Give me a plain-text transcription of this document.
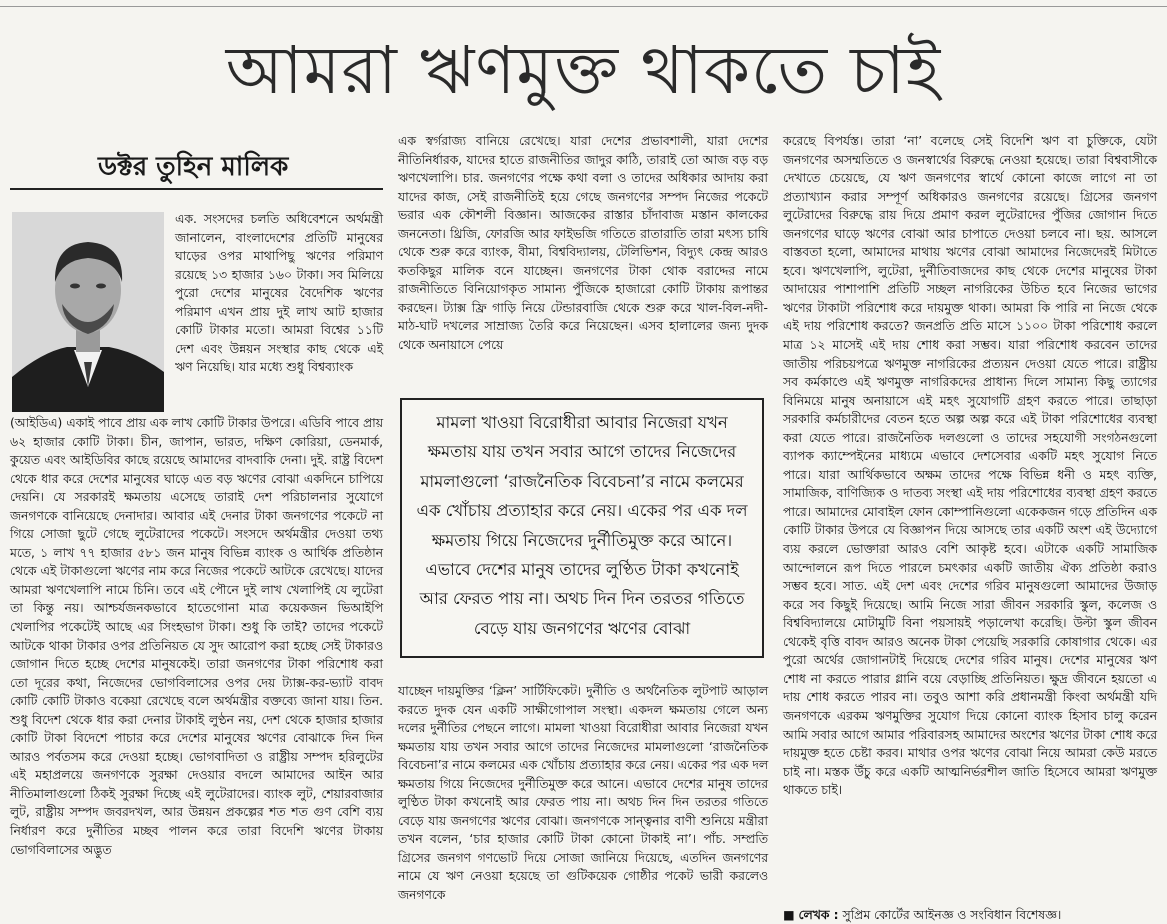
আমরা ঋণমুক্ত থাকতে চাই
ডক্টর তুহিন মালিক

এক. সংসদের চলতি অধিবেশনে অর্থমন্ত্রী জানালেন, বাংলাদেশের প্রতিটি মানুষের ঘাড়ের ওপর মাথাপিছু ঋণের পরিমাণ রয়েছে ১৩ হাজার ১৬০ টাকা। সব মিলিয়ে পুরো দেশের মানুষের বৈদেশিক ঋণের পরিমাণ এখন প্রায় দুই লাখ আট হাজার কোটি টাকার মতো। আমরা বিশ্বের ১১টি দেশ এবং উন্নয়ন সংস্থার কাছ থেকে এই ঋণ নিয়েছি। যার মধ্যে শুধু বিশ্বব্যাংক

(আইডিএ) একাই পাবে প্রায় এক লাখ কোটি টাকার উপরে। এডিবি পাবে প্রায় ৬২ হাজার কোটি টাকা। চীন, জাপান, ভারত, দক্ষিণ কোরিয়া, ডেনমার্ক, কুয়েত এবং আইডিবির কাছে রয়েছে আমাদের বাদবাকি দেনা। দুই. রাষ্ট্র বিদেশ থেকে ধার করে দেশের মানুষের ঘাড়ে এত বড় ঋণের বোঝা একদিনে চাপিয়ে দেয়নি। যে সরকারই ক্ষমতায় এসেছে তারাই দেশ পরিচালনার সুযোগে জনগণকে বানিয়েছে দেনাদার। আবার এই দেনার টাকা জনগণের পকেটে না গিয়ে সোজা ছুটে গেছে লুটেরাদের পকেটে। সংসদে অর্থমন্ত্রীর দেওয়া তথ্য মতে, ১ লাখ ৭৭ হাজার ৫৮১ জন মানুষ বিভিন্ন ব্যাংক ও আর্থিক প্রতিষ্ঠান থেকে এই টাকাগুলো ঋণের নাম করে নিজের পকেটে আটকে রেখেছে। যাদের আমরা ঋণখেলাপি নামে চিনি। তবে এই পৌনে দুই লাখ খেলাপিই যে লুটেরা তা কিন্তু নয়। আশ্চর্যজনকভাবে হাতেগোনা মাত্র কয়েকজন ভিআইপি খেলাপির পকেটেই আছে এর সিংহভাগ টাকা। শুধু কি তাই? তাদের পকেটে আটকে থাকা টাকার ওপর প্রতিনিয়ত যে সুদ আরোপ করা হচ্ছে সেই টাকারও জোগান দিতে হচ্ছে দেশের মানুষকেই। তারা জনগণের টাকা পরিশোধ করা তো দূরের কথা, নিজেদের ভোগবিলাসের ওপর দেয় ট্যাক্স-কর-ভ্যাট বাবদ কোটি কোটি টাকাও বকেয়া রেখেছে বলে অর্থমন্ত্রীর বক্তব্যে জানা যায়। তিন. শুধু বিদেশ থেকে ধার করা দেনার টাকাই লুণ্ঠন নয়, দেশ থেকে হাজার হাজার কোটি টাকা বিদেশে পাচার করে দেশের মানুষের ঋণের বোঝাকে দিন দিন আরও পর্বতসম করে দেওয়া হচ্ছে। ভোগবাদিতা ও রাষ্ট্রীয় সম্পদ হরিলুটের এই মহাপ্রলয়ে জনগণকে সুরক্ষা দেওয়ার বদলে আমাদের আইন আর নীতিমালাগুলো ঠিকই সুরক্ষা দিচ্ছে এই লুটেরাদের। ব্যাংক লুট, শেয়ারবাজার লুট, রাষ্ট্রীয় সম্পদ জবরদখল, আর উন্নয়ন প্রকল্পের শত শত গুণ বেশি ব্যয় নির্ধারণ করে দুর্নীতির মচ্ছব পালন করে তারা বিদেশি ঋণের টাকায় ভোগবিলাসের অদ্ভুত

এক স্বর্গরাজ্য বানিয়ে রেখেছে। যারা দেশের প্রভাবশালী, যারা দেশের নীতিনির্ধারক, যাদের হাতে রাজনীতির জাদুর কাঠি, তারাই তো আজ বড় বড় ঋণখেলাপি। চার. জনগণের পক্ষে কথা বলা ও তাদের অধিকার আদায় করা যাদের কাজ, সেই রাজনীতিই হয়ে গেছে জনগণের সম্পদ নিজের পকেটে ভরার এক কৌশলী বিজ্ঞান। আজকের রাস্তার চাঁদাবাজ মস্তান কালকের জননেতা। থ্রিজি, ফোরজি আর ফাইভজি গতিতে রাতারাতি তারা মৎস্য চাষি থেকে শুরু করে ব্যাংক, বীমা, বিশ্ববিদ্যালয়, টেলিভিশন, বিদ্যুৎ কেন্দ্র আরও কতকিছুর মালিক বনে যাচ্ছেন। জনগণের টাকা থোক বরাদ্দের নামে রাজনীতিতে বিনিয়োগকৃত সামান্য পুঁজিকে হাজারো কোটি টাকায় রূপান্তর করছেন। ট্যাক্স ফ্রি গাড়ি নিয়ে টেন্ডারবাজি থেকে শুরু করে খাল-বিল-নদী-মাঠ-ঘাট দখলের সাম্রাজ্য তৈরি করে নিয়েছেন। এসব হালালের জন্য দুদক থেকে অনায়াসে পেয়ে

মামলা খাওয়া বিরোধীরা আবার নিজেরা যখন ক্ষমতায় যায় তখন সবার আগে তাদের নিজেদের মামলাগুলো ‘রাজনৈতিক বিবেচনা’র নামে কলমের এক খোঁচায় প্রত্যাহার করে নেয়। একের পর এক দল ক্ষমতায় গিয়ে নিজেদের দুর্নীতিমুক্ত করে আনে। এভাবে দেশের মানুষ তাদের লুণ্ঠিত টাকা কখনোই আর ফেরত পায় না। অথচ দিন দিন তরতর গতিতে বেড়ে যায় জনগণের ঋণের বোঝা

যাচ্ছেন দায়মুক্তির ‘ক্লিন’ সার্টিফিকেট। দুর্নীতি ও অর্থনৈতিক লুটপাট আড়াল করতে দুদক যেন একটি সাক্ষীগোপাল সংস্থা। একদল ক্ষমতায় গেলে অন্য দলের দুর্নীতির পেছনে লাগে। মামলা খাওয়া বিরোধীরা আবার নিজেরা যখন ক্ষমতায় যায় তখন সবার আগে তাদের নিজেদের মামলাগুলো ‘রাজনৈতিক বিবেচনা’র নামে কলমের এক খোঁচায় প্রত্যাহার করে নেয়। একের পর এক দল ক্ষমতায় গিয়ে নিজেদের দুর্নীতিমুক্ত করে আনে। এভাবে দেশের মানুষ তাদের লুণ্ঠিত টাকা কখনোই আর ফেরত পায় না। অথচ দিন দিন তরতর গতিতে বেড়ে যায় জনগণের ঋণের বোঝা। জনগণকে সান্ত্বনার বাণী শুনিয়ে মন্ত্রীরা তখন বলেন, ‘চার হাজার কোটি টাকা কোনো টাকাই না’। পাঁচ. সম্প্রতি গ্রিসের জনগণ গণভোট দিয়ে সোজা জানিয়ে দিয়েছে, এতদিন জনগণের নামে যে ঋণ নেওয়া হয়েছে তা গুটিকয়েক গোষ্ঠীর পকেট ভারী করলেও জনগণকে

করেছে বিপর্যস্ত। তারা ‘না’ বলেছে সেই বিদেশি ঋণ বা চুক্তিকে, যেটা জনগণের অসম্মতিতে ও জনস্বার্থের বিরুদ্ধে নেওয়া হয়েছে। তারা বিশ্ববাসীকে দেখাতে চেয়েছে, যে ঋণ জনগণের স্বার্থে কোনো কাজে লাগে না তা প্রত্যাখ্যান করার সম্পূর্ণ অধিকারও জনগণের রয়েছে। গ্রিসের জনগণ লুটেরাদের বিরুদ্ধে রায় দিয়ে প্রমাণ করল লুটেরাদের পুঁজির জোগান দিতে জনগণের ঘাড়ে ঋণের বোঝা আর চাপাতে দেওয়া চলবে না। ছয়. আসলে বাস্তবতা হলো, আমাদের মাথায় ঋণের বোঝা আমাদের নিজেদেরই মিটাতে হবে। ঋণখেলাপি, লুটেরা, দুর্নীতিবাজদের কাছ থেকে দেশের মানুষের টাকা আদায়ের পাশাপাশি প্রতিটি সচ্ছল নাগরিকের উচিত হবে নিজের ভাগের ঋণের টাকাটা পরিশোধ করে দায়মুক্ত থাকা। আমরা কি পারি না নিজে থেকে এই দায় পরিশোধ করতে? জনপ্রতি প্রতি মাসে ১১০০ টাকা পরিশোধ করলে মাত্র ১২ মাসেই এই দায় শোধ করা সম্ভব। যারা পরিশোধ করবেন তাদের জাতীয় পরিচয়পত্রে ঋণমুক্ত নাগরিকের প্রত্যয়ন দেওয়া যেতে পারে। রাষ্ট্রীয় সব কর্মকাণ্ডে এই ঋণমুক্ত নাগরিকদের প্রাধান্য দিলে সামান্য কিছু ত্যাগের বিনিময়ে মানুষ অনায়াসে এই মহৎ সুযোগটি গ্রহণ করতে পারে। তাছাড়া সরকারি কর্মচারীদের বেতন হতে অল্প অল্প করে এই টাকা পরিশোধের ব্যবস্থা করা যেতে পারে। রাজনৈতিক দলগুলো ও তাদের সহযোগী সংগঠনগুলো ব্যাপক ক্যাম্পেইনের মাধ্যমে এভাবে দেশসেবার একটি মহৎ সুযোগ নিতে পারে। যারা আর্থিকভাবে অক্ষম তাদের পক্ষে বিভিন্ন ধনী ও মহৎ ব্যক্তি, সামাজিক, বাণিজ্যিক ও দাতব্য সংস্থা এই দায় পরিশোধের ব্যবস্থা গ্রহণ করতে পারে। আমাদের মোবাইল ফোন কোম্পানিগুলো একেকজন গড়ে প্রতিদিন এক কোটি টাকার উপরে যে বিজ্ঞাপন দিয়ে আসছে তার একটি অংশ এই উদ্যোগে ব্যয় করলে ভোক্তারা আরও বেশি আকৃষ্ট হবে। এটাকে একটি সামাজিক আন্দোলনে রূপ দিতে পারলে চমৎকার একটি জাতীয় ঐক্য প্রতিষ্ঠা করাও সম্ভব হবে। সাত. এই দেশ এবং দেশের গরিব মানুষগুলো আমাদের উজাড় করে সব কিছুই দিয়েছে। আমি নিজে সারা জীবন সরকারি স্কুল, কলেজ ও বিশ্ববিদ্যালয়ে মোটামুটি বিনা পয়সায়ই পড়ালেখা করেছি। উল্টা স্কুল জীবন থেকেই বৃত্তি বাবদ আরও অনেক টাকা পেয়েছি সরকারি কোষাগার থেকে। এর পুরো অর্থের জোগানটাই দিয়েছে দেশের গরিব মানুষ। দেশের মানুষের ঋণ শোধ না করতে পারার গ্লানি বয়ে বেড়াচ্ছি প্রতিনিয়ত। ক্ষুদ্র জীবনে হয়তো এ দায় শোধ করতে পারব না। তবুও আশা করি প্রধানমন্ত্রী কিংবা অর্থমন্ত্রী যদি জনগণকে এরকম ঋণমুক্তির সুযোগ দিয়ে কোনো ব্যাংক হিসাব চালু করেন আমি সবার আগে আমার পরিবারসহ আমাদের অংশের ঋণের টাকা শোধ করে দায়মুক্ত হতে চেষ্টা করব। মাথার ওপর ঋণের বোঝা নিয়ে আমরা কেউ মরতে চাই না। মস্তক উঁচু করে একটি আত্মনির্ভরশীল জাতি হিসেবে আমরা ঋণমুক্ত থাকতে চাই।

■ লেখক : সুপ্রিম কোর্টের আইনজ্ঞ ও সংবিধান বিশেষজ্ঞ।
